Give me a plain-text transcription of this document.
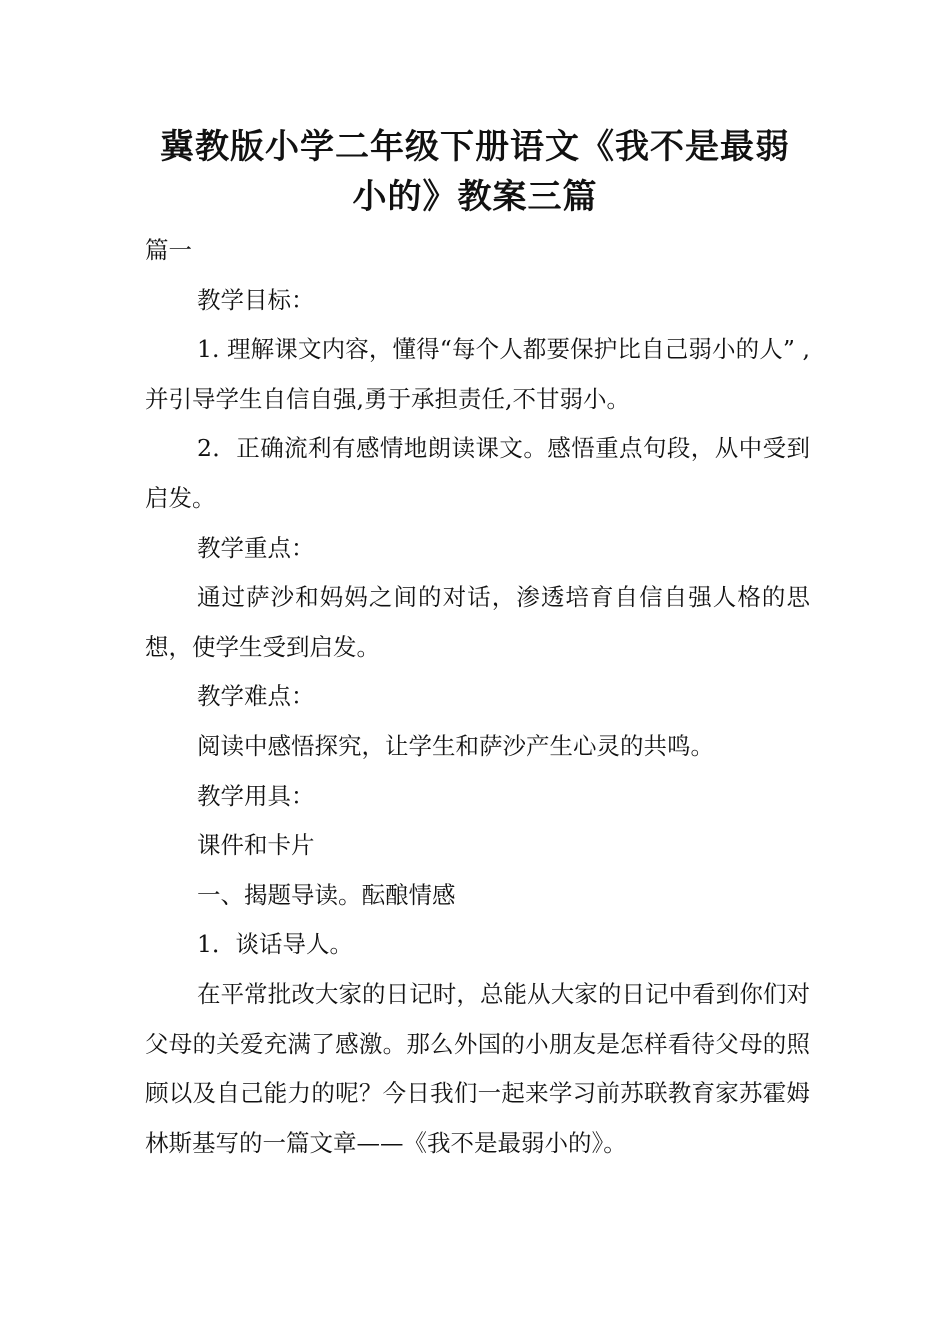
冀教版小学二年级下册语文《我不是最弱
小的》教案三篇

篇一

教学目标：

1. 理解课文内容，懂得“每个人都要保护比自己弱小的人” ,并引导学生自信自强,勇于承担责任,不甘弱小。

2．正确流利有感情地朗读课文。感悟重点句段，从中受到启发。

教学重点：

通过萨沙和妈妈之间的对话，渗透培育自信自强人格的思想，使学生受到启发。

教学难点：

阅读中感悟探究，让学生和萨沙产生心灵的共鸣。

教学用具：

课件和卡片

一、揭题导读。酝酿情感

1．谈话导人。

在平常批改大家的日记时，总能从大家的日记中看到你们对父母的关爱充满了感激。那么外国的小朋友是怎样看待父母的照顾以及自己能力的呢？今日我们一起来学习前苏联教育家苏霍姆林斯基写的一篇文章——《我不是最弱小的》。
